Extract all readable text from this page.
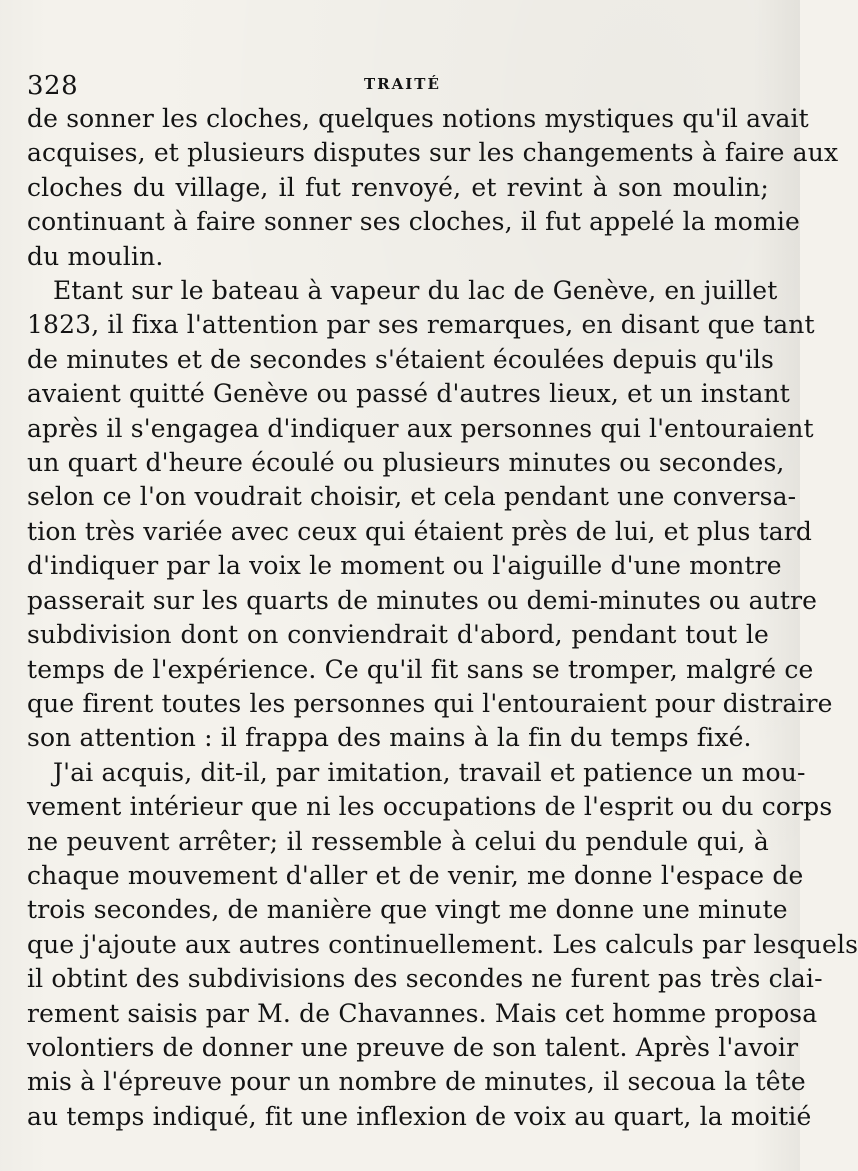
328	TRAITÉ
de sonner les cloches, quelques notions mystiques qu'il avait
acquises, et plusieurs disputes sur les changements à faire aux
cloches du village, il fut renvoyé, et revint à son moulin;
continuant à faire sonner ses cloches, il fut appelé la momie
du moulin.
Etant sur le bateau à vapeur du lac de Genève, en juillet
1823, il fixa l'attention par ses remarques, en disant que tant
de minutes et de secondes s'étaient écoulées depuis qu'ils
avaient quitté Genève ou passé d'autres lieux, et un instant
après il s'engagea d'indiquer aux personnes qui l'entouraient
un quart d'heure écoulé ou plusieurs minutes ou secondes,
selon ce l'on voudrait choisir, et cela pendant une conversa-
tion très variée avec ceux qui étaient près de lui, et plus tard
d'indiquer par la voix le moment ou l'aiguille d'une montre
passerait sur les quarts de minutes ou demi-minutes ou autre
subdivision dont on conviendrait d'abord, pendant tout le
temps de l'expérience. Ce qu'il fit sans se tromper, malgré ce
que firent toutes les personnes qui l'entouraient pour distraire
son attention : il frappa des mains à la fin du temps fixé.
J'ai acquis, dit-il, par imitation, travail et patience un mou-
vement intérieur que ni les occupations de l'esprit ou du corps
ne peuvent arrêter; il ressemble à celui du pendule qui, à
chaque mouvement d'aller et de venir, me donne l'espace de
trois secondes, de manière que vingt me donne une minute
que j'ajoute aux autres continuellement. Les calculs par lesquels
il obtint des subdivisions des secondes ne furent pas très clai-
rement saisis par M. de Chavannes. Mais cet homme proposa
volontiers de donner une preuve de son talent. Après l'avoir
mis à l'épreuve pour un nombre de minutes, il secoua la tête
au temps indiqué, fit une inflexion de voix au quart, la moitié
